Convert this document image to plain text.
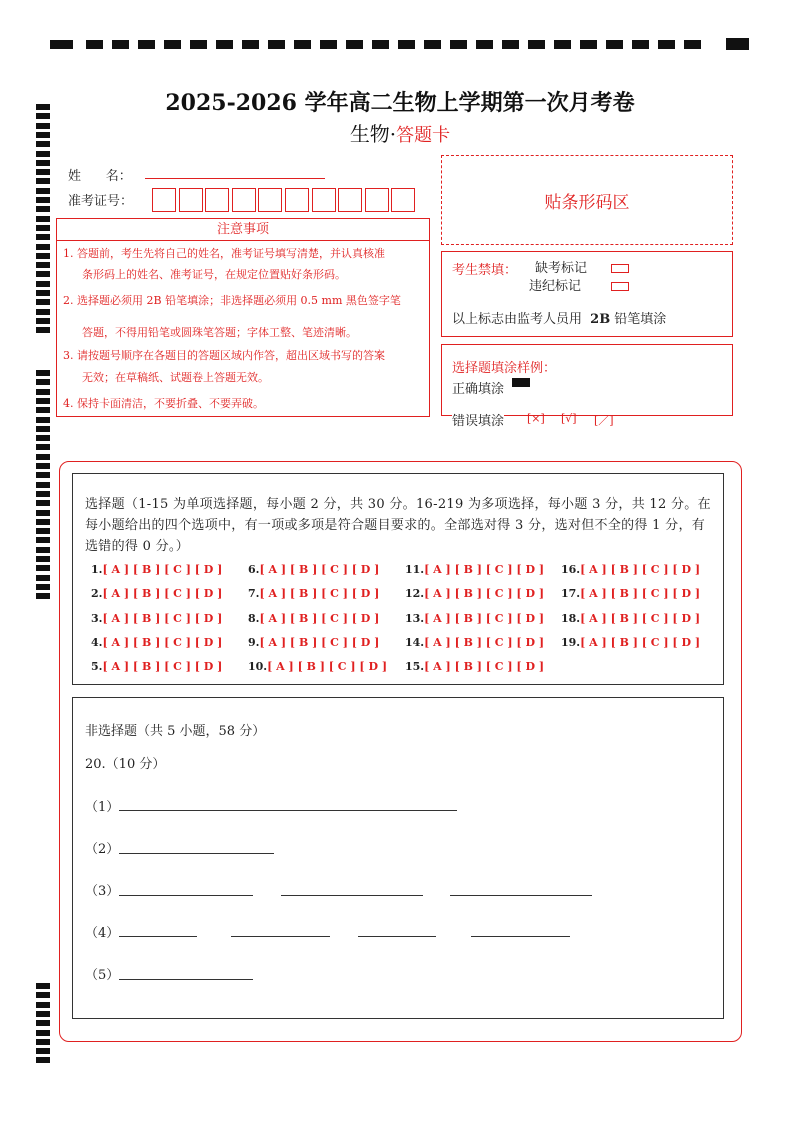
2025-2026 学年高二生物上学期第一次月考卷
生物·答题卡
姓      名：
准考证号：	贴条形码区
注意事项
1. 答题前，考生先将自己的姓名，准考证号填写清楚，并认真核准
条形码上的姓名、准考证号，在规定位置贴好条形码。
2. 选择题必须用 2B 铅笔填涂；非选择题必须用 0.5 mm 黑色签字笔
答题，不得用铅笔或圆珠笔答题；字体工整、笔迹清晰。
3. 请按题号顺序在各题目的答题区域内作答，超出区域书写的答案
无效；在草稿纸、试题卷上答题无效。
4. 保持卡面清洁，不要折叠、不要弄破。
考生禁填： 缺考标记
违纪标记
以上标志由监考人员用 2B 铅笔填涂
选择题填涂样例：
正确填涂
错误填涂 [×] [√] [／]
选择题（1-15 为单项选择题，每小题 2 分，共 30 分。16-219 为多项选择，每小题 3 分，共 12 分。在每小题给出的四个选项中，有一项或多项是符合题目要求的。全部选对得 3 分，选对但不全的得 1 分，有选错的得 0 分。）
1.[ A ] [ B ] [ C ] [ D ]
2.[ A ] [ B ] [ C ] [ D ]
3.[ A ] [ B ] [ C ] [ D ]
4.[ A ] [ B ] [ C ] [ D ]
5.[ A ] [ B ] [ C ] [ D ]
6.[ A ] [ B ] [ C ] [ D ]
7.[ A ] [ B ] [ C ] [ D ]
8.[ A ] [ B ] [ C ] [ D ]
9.[ A ] [ B ] [ C ] [ D ]
10.[ A ] [ B ] [ C ] [ D ]
11.[ A ] [ B ] [ C ] [ D ]
12.[ A ] [ B ] [ C ] [ D ]
13.[ A ] [ B ] [ C ] [ D ]
14.[ A ] [ B ] [ C ] [ D ]
15.[ A ] [ B ] [ C ] [ D ]
16.[ A ] [ B ] [ C ] [ D ]
17.[ A ] [ B ] [ C ] [ D ]
18.[ A ] [ B ] [ C ] [ D ]
19.[ A ] [ B ] [ C ] [ D ]
非选择题（共 5 小题，58 分）
20.（10 分）
（1）
（2）
（3）
（4）
（5）
